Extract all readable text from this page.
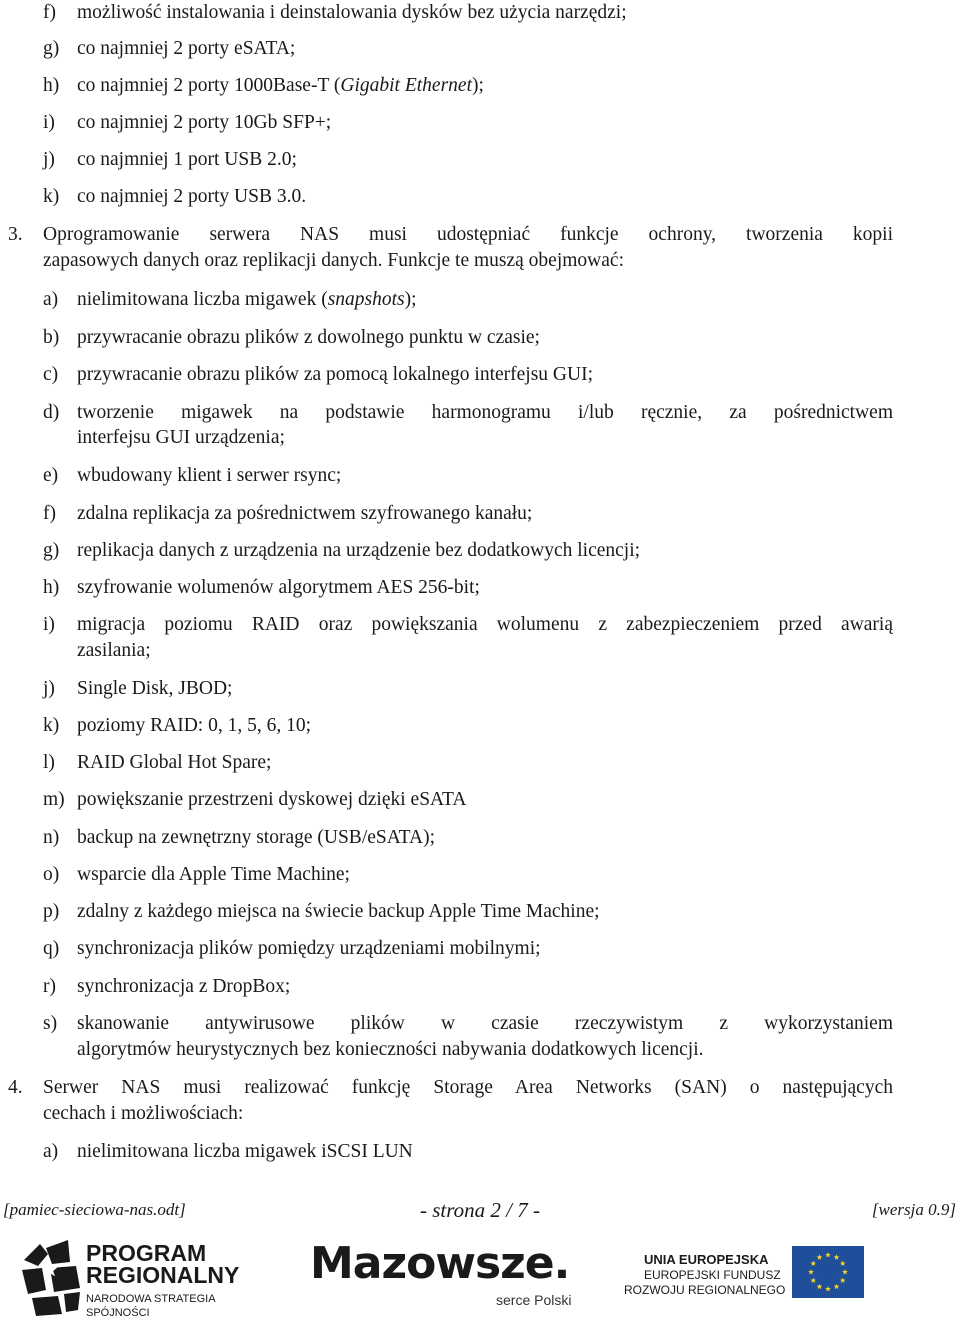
f) możliwość instalowania i deinstalowania dysków bez użycia narzędzi;
g) co najmniej 2 porty eSATA;
h) co najmniej 2 porty 1000Base-T (Gigabit Ethernet);
i) co najmniej 2 porty 10Gb SFP+;
j) co najmniej 1 port USB 2.0;
k) co najmniej 2 porty USB 3.0.
3. Oprogramowanie serwera NAS musi udostępniać funkcje ochrony, tworzenia kopii
zapasowych danych oraz replikacji danych. Funkcje te muszą obejmować:
a) nielimitowana liczba migawek (snapshots);
b) przywracanie obrazu plików z dowolnego punktu w czasie;
c) przywracanie obrazu plików za pomocą lokalnego interfejsu GUI;
d) tworzenie migawek na podstawie harmonogramu i/lub ręcznie, za pośrednictwem
interfejsu GUI urządzenia;
e) wbudowany klient i serwer rsync;
f) zdalna replikacja za pośrednictwem szyfrowanego kanału;
g) replikacja danych z urządzenia na urządzenie bez dodatkowych licencji;
h) szyfrowanie wolumenów algorytmem AES 256-bit;
i) migracja poziomu RAID oraz powiększania wolumenu z zabezpieczeniem przed awarią
zasilania;
j) Single Disk, JBOD;
k) poziomy RAID: 0, 1, 5, 6, 10;
l) RAID Global Hot Spare;
m) powiększanie przestrzeni dyskowej dzięki eSATA
n) backup na zewnętrzny storage (USB/eSATA);
o) wsparcie dla Apple Time Machine;
p) zdalny z każdego miejsca na świecie backup Apple Time Machine;
q) synchronizacja plików pomiędzy urządzeniami mobilnymi;
r) synchronizacja z DropBox;
s) skanowanie antywirusowe plików w czasie rzeczywistym z wykorzystaniem
algorytmów heurystycznych bez konieczności nabywania dodatkowych licencji.
4. Serwer NAS musi realizować funkcję Storage Area Networks (SAN) o następujących
cechach i możliwościach:
a) nielimitowana liczba migawek iSCSI LUN
[pamiec-sieciowa-nas.odt]	- strona 2 / 7 -	[wersja 0.9]
PROGRAM
REGIONALNY
NARODOWA STRATEGIA SPÓJNOŚCI
Mazowsze.
serce Polski
UNIA EUROPEJSKA
EUROPEJSKI FUNDUSZ
ROZWOJU REGIONALNEGO
